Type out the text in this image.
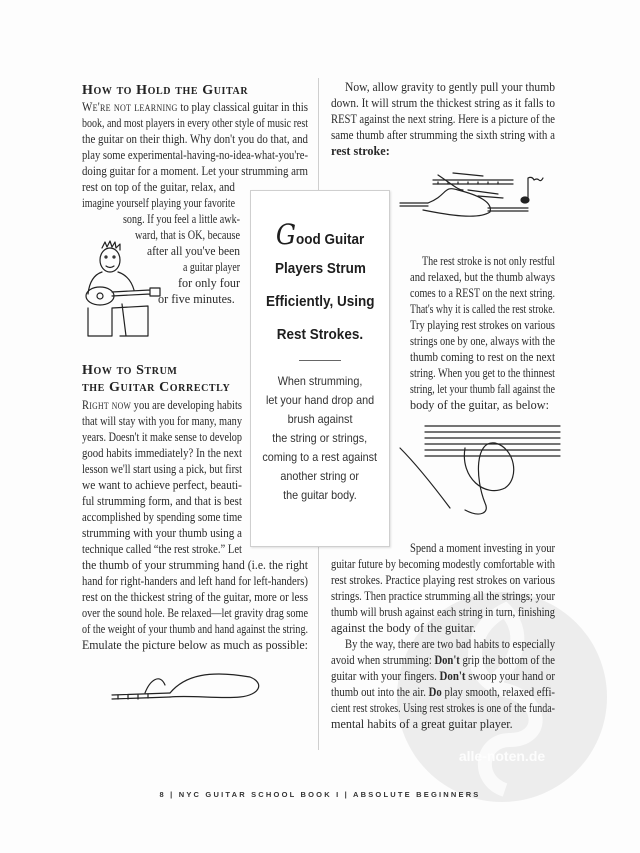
alle-noten.de
How to Hold the Guitar
We're not learning to play classical guitar in this
book, and most players in every other style of music rest
the guitar on their thigh. Why don't you do that, and
play some experimental-having-no-idea-what-you're-
doing guitar for a moment. Let your strumming arm
rest on top of the guitar, relax, and
imagine yourself playing your favorite
song. If you feel a little awk-
ward, that is OK, because
after all you've been
a guitar player
for only four
or five minutes.
How to Strum
the Guitar Correctly
Right now you are developing habits
that will stay with you for many, many
years. Doesn't it make sense to develop
good habits immediately? In the next
lesson we'll start using a pick, but first
we want to achieve perfect, beauti-
ful strumming form, and that is best
accomplished by spending some time
strumming with your thumb using a
technique called “the rest stroke.” Let
the thumb of your strumming hand (i.e. the right
hand for right-handers and left hand for left-handers)
rest on the thickest string of the guitar, more or less
over the sound hole. Be relaxed—let gravity drag some
of the weight of your thumb and hand against the string.
Emulate the picture below as much as possible:
Now, allow gravity to gently pull your thumb
down. It will strum the thickest string as it falls to
REST against the next string. Here is a picture of the
same thumb after strumming the sixth string with a
rest stroke:
The rest stroke is not only restful
and relaxed, but the thumb always
comes to a REST on the next string.
That's why it is called the rest stroke.
Try playing rest strokes on various
strings one by one, always with the
thumb coming to rest on the next
string. When you get to the thinnest
string, let your thumb fall against the
body of the guitar, as below:
Spend a moment investing in your
guitar future by becoming modestly comfortable with
rest strokes. Practice playing rest strokes on various
strings. Then practice strumming all the strings; your
thumb will brush against each string in turn, finishing
against the body of the guitar.
By the way, there are two bad habits to especially
avoid when strumming: Don't grip the bottom of the
guitar with your fingers. Don't swoop your hand or
thumb out into the air. Do play smooth, relaxed effi-
cient rest strokes. Using rest strokes is one of the funda-
mental habits of a great guitar player.
Good Guitar
Players Strum
Efficiently, Using
Rest Strokes.
When strumming,
let your hand drop and
brush against
the string or strings,
coming to a rest against
another string or
the guitar body.
8 | NYC GUITAR SCHOOL BOOK I | ABSOLUTE BEGINNERS
